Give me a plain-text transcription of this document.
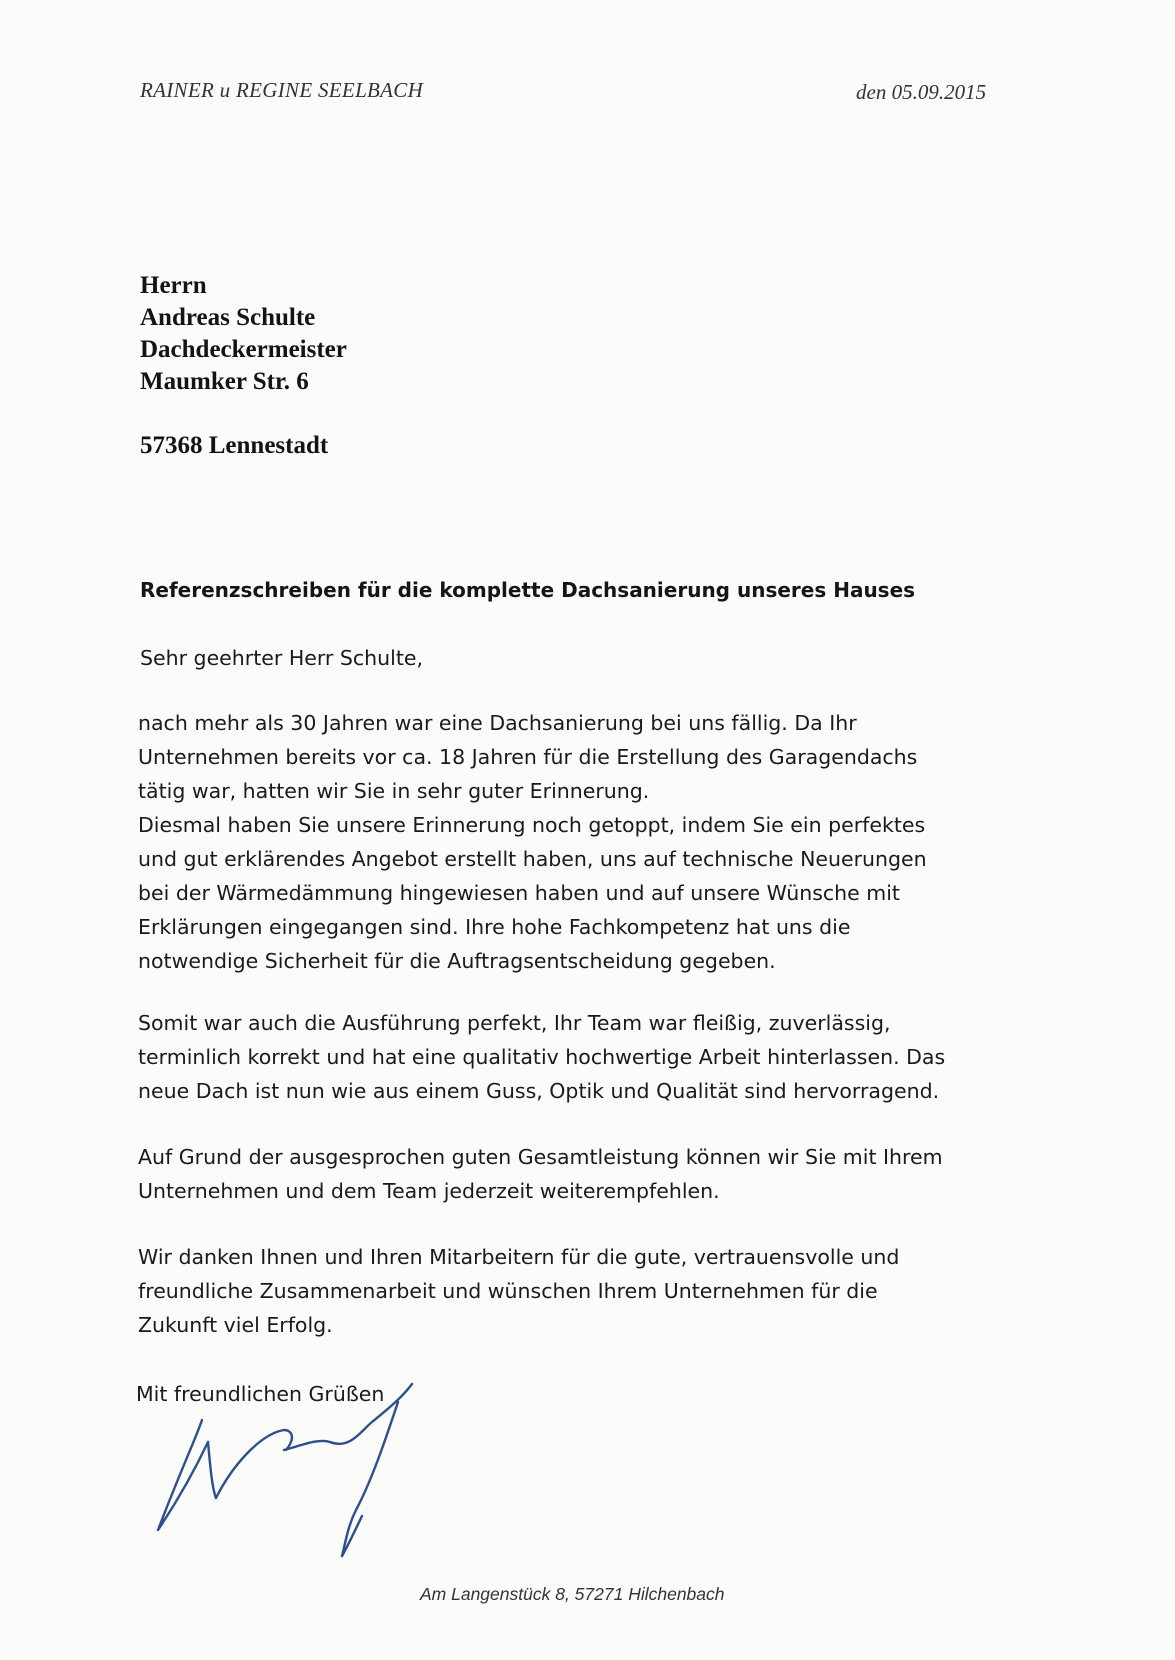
RAINER u REGINE SEELBACH	den 05.09.2015
Herrn
Andreas Schulte
Dachdeckermeister
Maumker Str. 6
57368 Lennestadt
Referenzschreiben für die komplette Dachsanierung unseres Hauses
Sehr geehrter Herr Schulte,
nach mehr als 30 Jahren war eine Dachsanierung bei uns fällig. Da Ihr
Unternehmen bereits vor ca. 18 Jahren für die Erstellung des Garagendachs
tätig war, hatten wir Sie in sehr guter Erinnerung.
Diesmal haben Sie unsere Erinnerung noch getoppt, indem Sie ein perfektes
und gut erklärendes Angebot erstellt haben, uns auf technische Neuerungen
bei der Wärmedämmung hingewiesen haben und auf unsere Wünsche mit
Erklärungen eingegangen sind. Ihre hohe Fachkompetenz hat uns die
notwendige Sicherheit für die Auftragsentscheidung gegeben.
Somit war auch die Ausführung perfekt, Ihr Team war fleißig, zuverlässig,
terminlich korrekt und hat eine qualitativ hochwertige Arbeit hinterlassen. Das
neue Dach ist nun wie aus einem Guss, Optik und Qualität sind hervorragend.
Auf Grund der ausgesprochen guten Gesamtleistung können wir Sie mit Ihrem
Unternehmen und dem Team jederzeit weiterempfehlen.
Wir danken Ihnen und Ihren Mitarbeitern für die gute, vertrauensvolle und
freundliche Zusammenarbeit und wünschen Ihrem Unternehmen für die
Zukunft viel Erfolg.
Mit freundlichen Grüßen
Am Langenstück 8, 57271 Hilchenbach
